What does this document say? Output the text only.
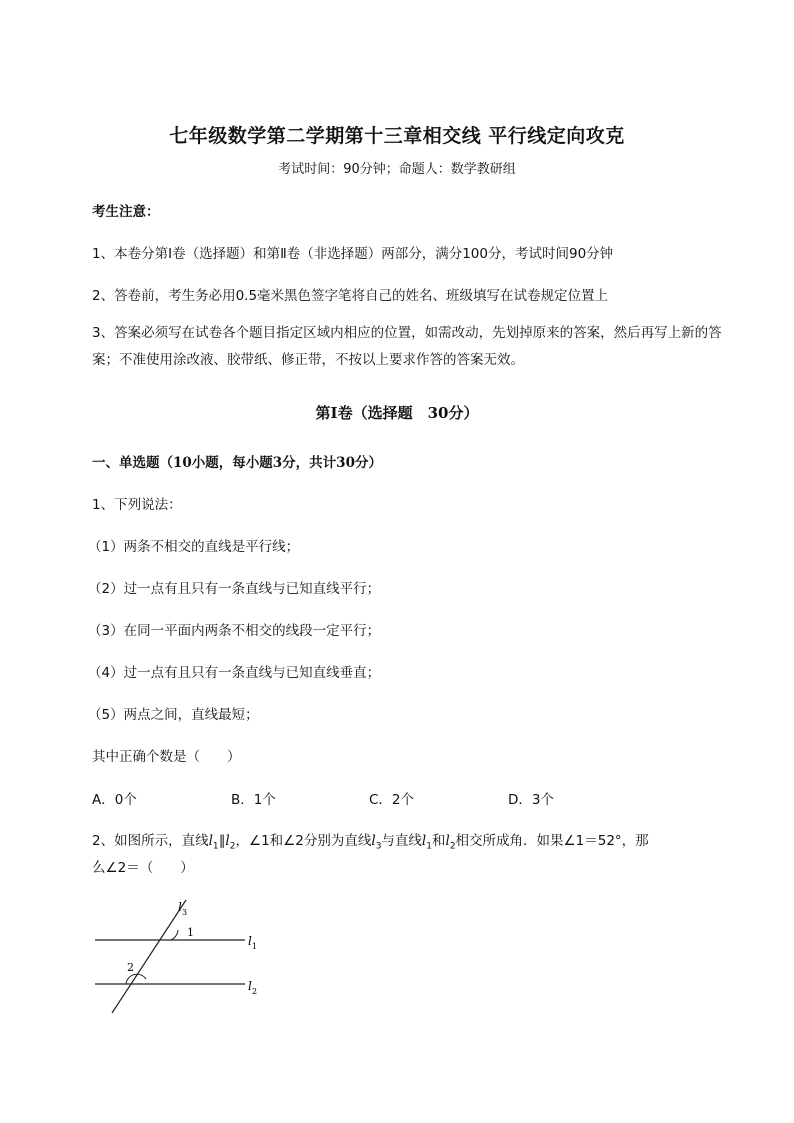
七年级数学第二学期第十三章相交线 平行线定向攻克
考试时间：90分钟；命题人：数学教研组
考生注意：
1、本卷分第I卷（选择题）和第Ⅱ卷（非选择题）两部分，满分100分，考试时间90分钟
2、答卷前，考生务必用0.5毫米黑色签字笔将自己的姓名、班级填写在试卷规定位置上
3、答案必须写在试卷各个题目指定区域内相应的位置，如需改动，先划掉原来的答案，然后再写上新的答案；不准使用涂改液、胶带纸、修正带，不按以上要求作答的答案无效。
第I卷（选择题　30分）
一、单选题（10小题，每小题3分，共计30分）
1、下列说法：
（1）两条不相交的直线是平行线；
（2）过一点有且只有一条直线与已知直线平行；
（3）在同一平面内两条不相交的线段一定平行；
（4）过一点有且只有一条直线与已知直线垂直；
（5）两点之间，直线最短；
其中正确个数是（　　）
A．0个	B．1个	C．2个	D．3个
2、如图所示，直线$l_1\parallel l_2$，∠1和∠2分别为直线$l_3$与直线$l_1$和$l_2$相交所成角．如果∠1＝52°，那
么∠2＝（　　）
l 3
l 1
l 2
1
2
